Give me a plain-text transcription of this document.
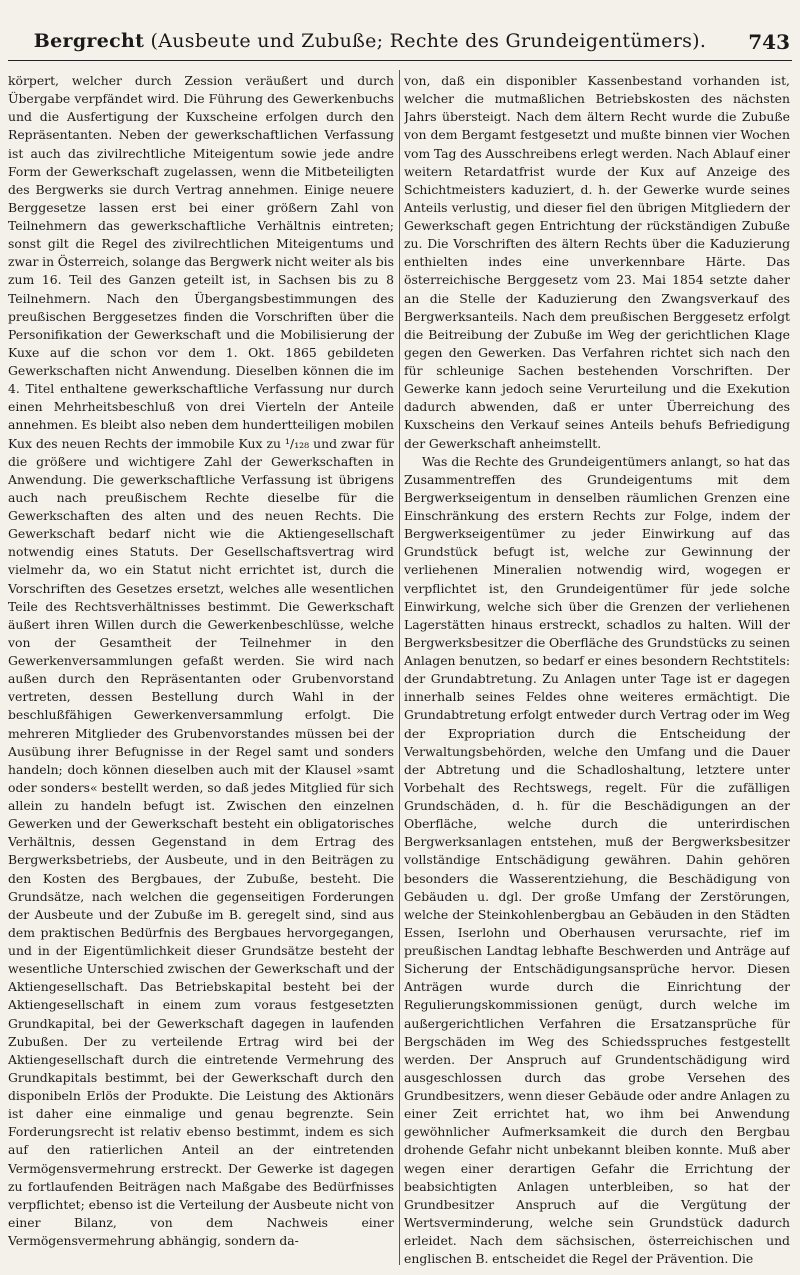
Bergrecht (Ausbeute und Zubuße; Rechte des Grundeigentümers).	743

körpert, welcher durch Zession veräußert und durch Übergabe verpfändet wird. Die Führung des Gewerkenbuchs und die Ausfertigung der Kuxscheine erfolgen durch den Repräsentanten. Neben der gewerkschaftlichen Verfassung ist auch das zivilrechtliche Miteigentum sowie jede andre Form der Gewerkschaft zugelassen, wenn die Mitbeteiligten des Bergwerks sie durch Vertrag annehmen. Einige neuere Berggesetze lassen erst bei einer größern Zahl von Teilnehmern das gewerkschaftliche Verhältnis eintreten; sonst gilt die Regel des zivilrechtlichen Miteigentums und zwar in Österreich, solange das Bergwerk nicht weiter als bis zum 16. Teil des Ganzen geteilt ist, in Sachsen bis zu 8 Teilnehmern. Nach den Übergangsbestimmungen des preußischen Berggesetzes finden die Vorschriften über die Personifikation der Gewerkschaft und die Mobilisierung der Kuxe auf die schon vor dem 1. Okt. 1865 gebildeten Gewerkschaften nicht Anwendung. Dieselben können die im 4. Titel enthaltene gewerkschaftliche Verfassung nur durch einen Mehrheitsbeschluß von drei Vierteln der Anteile annehmen. Es bleibt also neben dem hundertteiligen mobilen Kux des neuen Rechts der immobile Kux zu ¹/₁₂₈ und zwar für die größere und wichtigere Zahl der Gewerkschaften in Anwendung. Die gewerkschaftliche Verfassung ist übrigens auch nach preußischem Rechte dieselbe für die Gewerkschaften des alten und des neuen Rechts. Die Gewerkschaft bedarf nicht wie die Aktiengesellschaft notwendig eines Statuts. Der Gesellschaftsvertrag wird vielmehr da, wo ein Statut nicht errichtet ist, durch die Vorschriften des Gesetzes ersetzt, welches alle wesentlichen Teile des Rechtsverhältnisses bestimmt. Die Gewerkschaft äußert ihren Willen durch die Gewerkenbeschlüsse, welche von der Gesamtheit der Teilnehmer in den Gewerkenversammlungen gefaßt werden. Sie wird nach außen durch den Repräsentanten oder Grubenvorstand vertreten, dessen Bestellung durch Wahl in der beschlußfähigen Gewerkenversammlung erfolgt. Die mehreren Mitglieder des Grubenvorstandes müssen bei der Ausübung ihrer Befugnisse in der Regel samt und sonders handeln; doch können dieselben auch mit der Klausel »samt oder sonders« bestellt werden, so daß jedes Mitglied für sich allein zu handeln befugt ist. Zwischen den einzelnen Gewerken und der Gewerkschaft besteht ein obligatorisches Verhältnis, dessen Gegenstand in dem Ertrag des Bergwerksbetriebs, der Ausbeute, und in den Beiträgen zu den Kosten des Bergbaues, der Zubuße, besteht. Die Grundsätze, nach welchen die gegenseitigen Forderungen der Ausbeute und der Zubuße im B. geregelt sind, sind aus dem praktischen Bedürfnis des Bergbaues hervorgegangen, und in der Eigentümlichkeit dieser Grundsätze besteht der wesentliche Unterschied zwischen der Gewerkschaft und der Aktiengesellschaft. Das Betriebskapital besteht bei der Aktiengesellschaft in einem zum voraus festgesetzten Grundkapital, bei der Gewerkschaft dagegen in laufenden Zubußen. Der zu verteilende Ertrag wird bei der Aktiengesellschaft durch die eintretende Vermehrung des Grundkapitals bestimmt, bei der Gewerkschaft durch den disponibeln Erlös der Produkte. Die Leistung des Aktionärs ist daher eine einmalige und genau begrenzte. Sein Forderungsrecht ist relativ ebenso bestimmt, indem es sich auf den ratierlichen Anteil an der eintretenden Vermögensvermehrung erstreckt. Der Gewerke ist dagegen zu fortlaufenden Beiträgen nach Maßgabe des Bedürfnisses verpflichtet; ebenso ist die Verteilung der Ausbeute nicht von einer Bilanz, von dem Nachweis einer Vermögensvermehrung abhängig, sondern da-

von, daß ein disponibler Kassenbestand vorhanden ist, welcher die mutmaßlichen Betriebskosten des nächsten Jahrs übersteigt. Nach dem ältern Recht wurde die Zubuße von dem Bergamt festgesetzt und mußte binnen vier Wochen vom Tag des Ausschreibens erlegt werden. Nach Ablauf einer weitern Retardatfrist wurde der Kux auf Anzeige des Schichtmeisters kaduziert, d. h. der Gewerke wurde seines Anteils verlustig, und dieser fiel den übrigen Mitgliedern der Gewerkschaft gegen Entrichtung der rückständigen Zubuße zu. Die Vorschriften des ältern Rechts über die Kaduzierung enthielten indes eine unverkennbare Härte. Das österreichische Berggesetz vom 23. Mai 1854 setzte daher an die Stelle der Kaduzierung den Zwangsverkauf des Bergwerksanteils. Nach dem preußischen Berggesetz erfolgt die Beitreibung der Zubuße im Weg der gerichtlichen Klage gegen den Gewerken. Das Verfahren richtet sich nach den für schleunige Sachen bestehenden Vorschriften. Der Gewerke kann jedoch seine Verurteilung und die Exekution dadurch abwenden, daß er unter Überreichung des Kuxscheins den Verkauf seines Anteils behufs Befriedigung der Gewerkschaft anheimstellt.

Was die Rechte des Grundeigentümers anlangt, so hat das Zusammentreffen des Grundeigentums mit dem Bergwerkseigentum in denselben räumlichen Grenzen eine Einschränkung des erstern Rechts zur Folge, indem der Bergwerkseigentümer zu jeder Einwirkung auf das Grundstück befugt ist, welche zur Gewinnung der verliehenen Mineralien notwendig wird, wogegen er verpflichtet ist, den Grundeigentümer für jede solche Einwirkung, welche sich über die Grenzen der verliehenen Lagerstätten hinaus erstreckt, schadlos zu halten. Will der Bergwerksbesitzer die Oberfläche des Grundstücks zu seinen Anlagen benutzen, so bedarf er eines besondern Rechtstitels: der Grundabtretung. Zu Anlagen unter Tage ist er dagegen innerhalb seines Feldes ohne weiteres ermächtigt. Die Grundabtretung erfolgt entweder durch Vertrag oder im Weg der Expropriation durch die Entscheidung der Verwaltungsbehörden, welche den Umfang und die Dauer der Abtretung und die Schadloshaltung, letztere unter Vorbehalt des Rechtswegs, regelt. Für die zufälligen Grundschäden, d. h. für die Beschädigungen an der Oberfläche, welche durch die unterirdischen Bergwerksanlagen entstehen, muß der Bergwerksbesitzer vollständige Entschädigung gewähren. Dahin gehören besonders die Wasserentziehung, die Beschädigung von Gebäuden u. dgl. Der große Umfang der Zerstörungen, welche der Steinkohlenbergbau an Gebäuden in den Städten Essen, Iserlohn und Oberhausen verursachte, rief im preußischen Landtag lebhafte Beschwerden und Anträge auf Sicherung der Entschädigungsansprüche hervor. Diesen Anträgen wurde durch die Einrichtung der Regulierungskommissionen genügt, durch welche im außergerichtlichen Verfahren die Ersatzansprüche für Bergschäden im Weg des Schiedsspruches festgestellt werden. Der Anspruch auf Grundentschädigung wird ausgeschlossen durch das grobe Versehen des Grundbesitzers, wenn dieser Gebäude oder andre Anlagen zu einer Zeit errichtet hat, wo ihm bei Anwendung gewöhnlicher Aufmerksamkeit die durch den Bergbau drohende Gefahr nicht unbekannt bleiben konnte. Muß aber wegen einer derartigen Gefahr die Errichtung der beabsichtigten Anlagen unterbleiben, so hat der Grundbesitzer Anspruch auf die Vergütung der Wertsverminderung, welche sein Grundstück dadurch erleidet. Nach dem sächsischen, österreichischen und englischen B. entscheidet die Regel der Prävention. Die
